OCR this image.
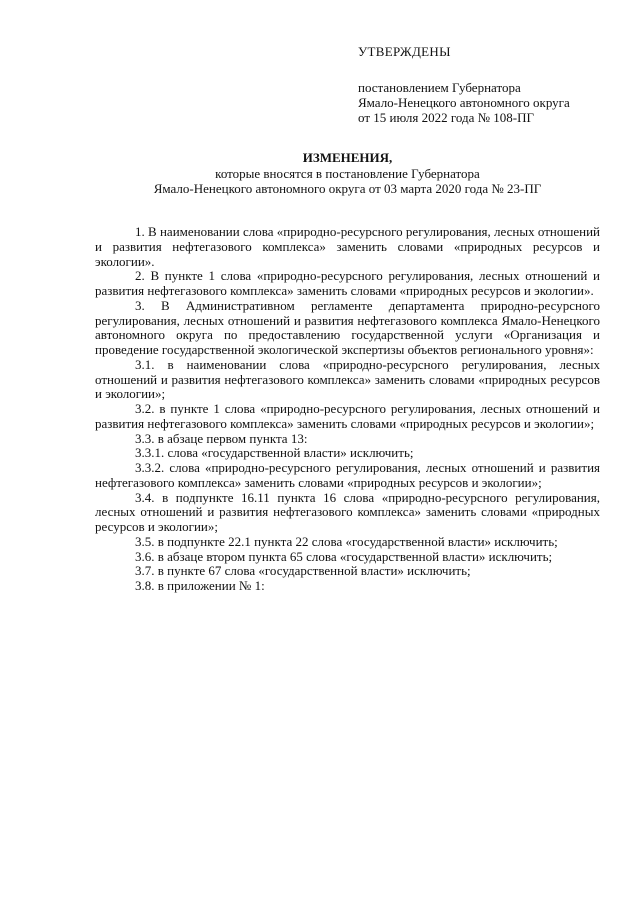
УТВЕРЖДЕНЫ
постановлением Губернатора
Ямало-Ненецкого автономного округа
от 15 июля 2022 года № 108-ПГ
ИЗМЕНЕНИЯ,
которые вносятся в постановление Губернатора
Ямало-Ненецкого автономного округа от 03 марта 2020 года № 23-ПГ

1. В наименовании слова «природно-ресурсного регулирования, лесных отношений и развития нефтегазового комплекса» заменить словами «природных ресурсов и экологии».

2. В пункте 1 слова «природно-ресурсного регулирования, лесных отношений и развития нефтегазового комплекса» заменить словами «природных ресурсов и экологии».

3. В Административном регламенте департамента природно-ресурсного регулирования, лесных отношений и развития нефтегазового комплекса Ямало-Ненецкого автономного округа по предоставлению государственной услуги «Организация и проведение государственной экологической экспертизы объектов регионального уровня»:

3.1. в наименовании слова «природно-ресурсного регулирования, лесных отношений и развития нефтегазового комплекса» заменить словами «природных ресурсов и экологии»;

3.2. в пункте 1 слова «природно-ресурсного регулирования, лесных отношений и развития нефтегазового комплекса» заменить словами «природных ресурсов и экологии»;

3.3. в абзаце первом пункта 13:

3.3.1. слова «государственной власти» исключить;

3.3.2. слова «природно-ресурсного регулирования, лесных отношений и развития нефтегазового комплекса» заменить словами «природных ресурсов и экологии»;

3.4. в подпункте 16.11 пункта 16 слова «природно-ресурсного регулирования, лесных отношений и развития нефтегазового комплекса» заменить словами «природных ресурсов и экологии»;

3.5. в подпункте 22.1 пункта 22 слова «государственной власти» исключить;

3.6. в абзаце втором пункта 65 слова «государственной власти» исключить;

3.7. в пункте 67 слова «государственной власти» исключить;

3.8. в приложении № 1:
